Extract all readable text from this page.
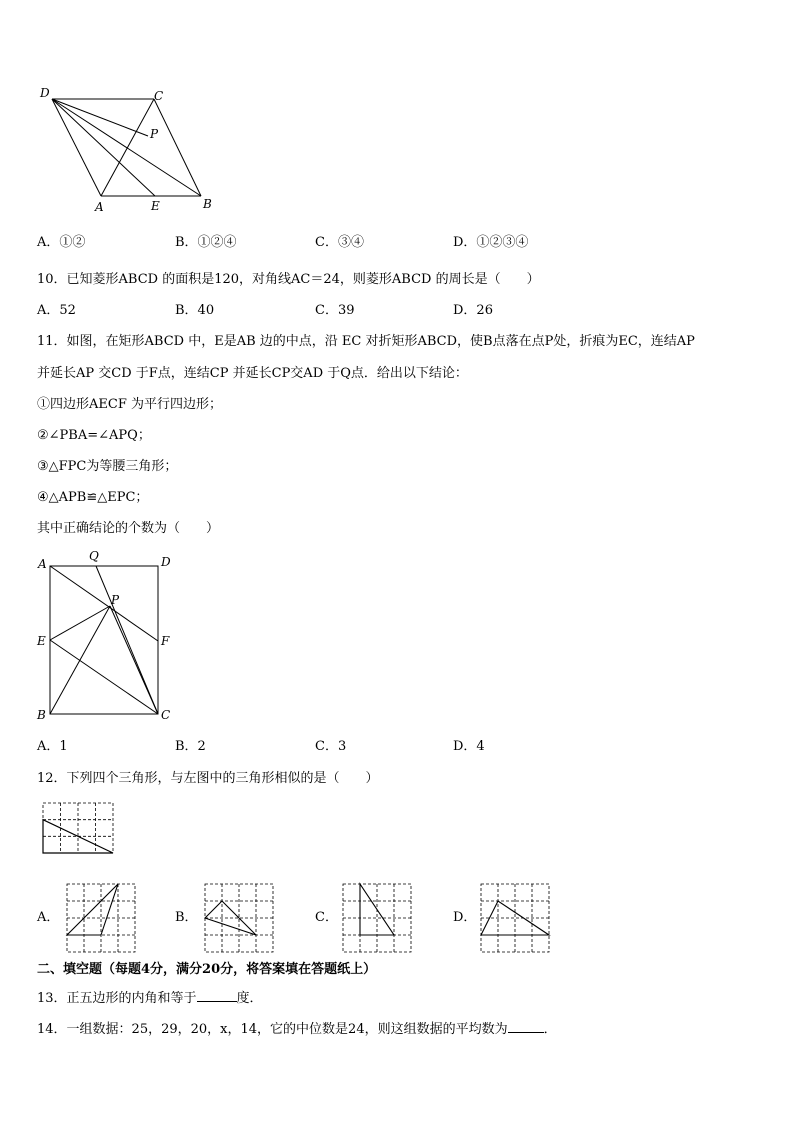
D	C
P
A	E	B
A．①②	B．①②④	C．③④	D．①②③④
10．已知菱形ABCD 的面积是120，对角线AC＝24，则菱形ABCD 的周长是（　　）
A．52	B．40	C．39	D．26
11．如图，在矩形ABCD 中，E是AB 边的中点，沿 EC 对折矩形ABCD，使B点落在点P处，折痕为EC，连结AP
并延长AP 交CD 于F点，连结CP 并延长CP交AD 于Q点．给出以下结论：
①四边形AECF 为平行四边形；
②∠PBA=∠APQ；
③△FPC为等腰三角形；
④△APB≌△EPC；
其中正确结论的个数为（　　）
A
Q	D
P
E	F
B	C
A．1	B．2	C．3	D．4
12．下列四个三角形，与左图中的三角形相似的是（　　）
A．	B．	C．	D．
二、填空题（每题4分，满分20分，将答案填在答题纸上）
13．正五边形的内角和等于	度．
14．一组数据：25，29，20，x，14，它的中位数是24，则这组数据的平均数为	．
